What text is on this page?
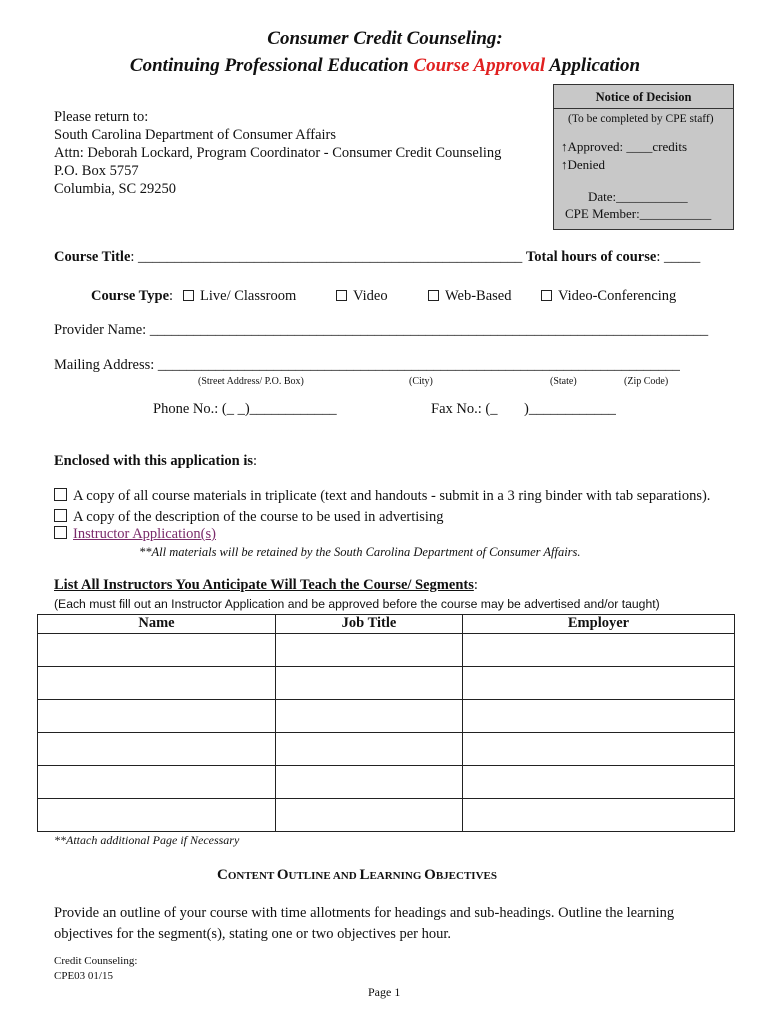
Consumer Credit Counseling:
Continuing Professional Education Course Approval Application
Please return to:
South Carolina Department of Consumer Affairs
Attn: Deborah Lockard, Program Coordinator - Consumer Credit Counseling
P.O. Box 5757
Columbia, SC 29250
Notice of Decision
(To be completed by CPE staff)
↑Approved: ____credits
↑Denied
Date:___________
CPE Member:___________
Course Title: _____________________________________________________ Total hours of course: _____
Course Type:	Live/ Classroom	Video	Web-Based	Video-Conferencing
Provider Name: _____________________________________________________________________________
Mailing Address: ________________________________________________________________________
(Street Address/ P.O. Box)	(City)	(State)	(Zip Code)
Phone No.: (_ _)____________	Fax No.: (_ )____________
Enclosed with this application is:
A copy of all course materials in triplicate (text and handouts - submit in a 3 ring binder with tab separations).
A copy of the description of the course to be used in advertising
Instructor Application(s)
**All materials will be retained by the South Carolina Department of Consumer Affairs.
List All Instructors You Anticipate Will Teach the Course/ Segments:
(Each must fill out an Instructor Application and be approved before the course may be advertised and/or taught)
Name	Job Title	Employer

**Attach additional Page if Necessary
CONTENT OUTLINE AND LEARNING OBJECTIVES
Provide an outline of your course with time allotments for headings and sub-headings. Outline the learning
objectives for the segment(s), stating one or two objectives per hour.
Credit Counseling:
CPE03 01/15
Page 1
